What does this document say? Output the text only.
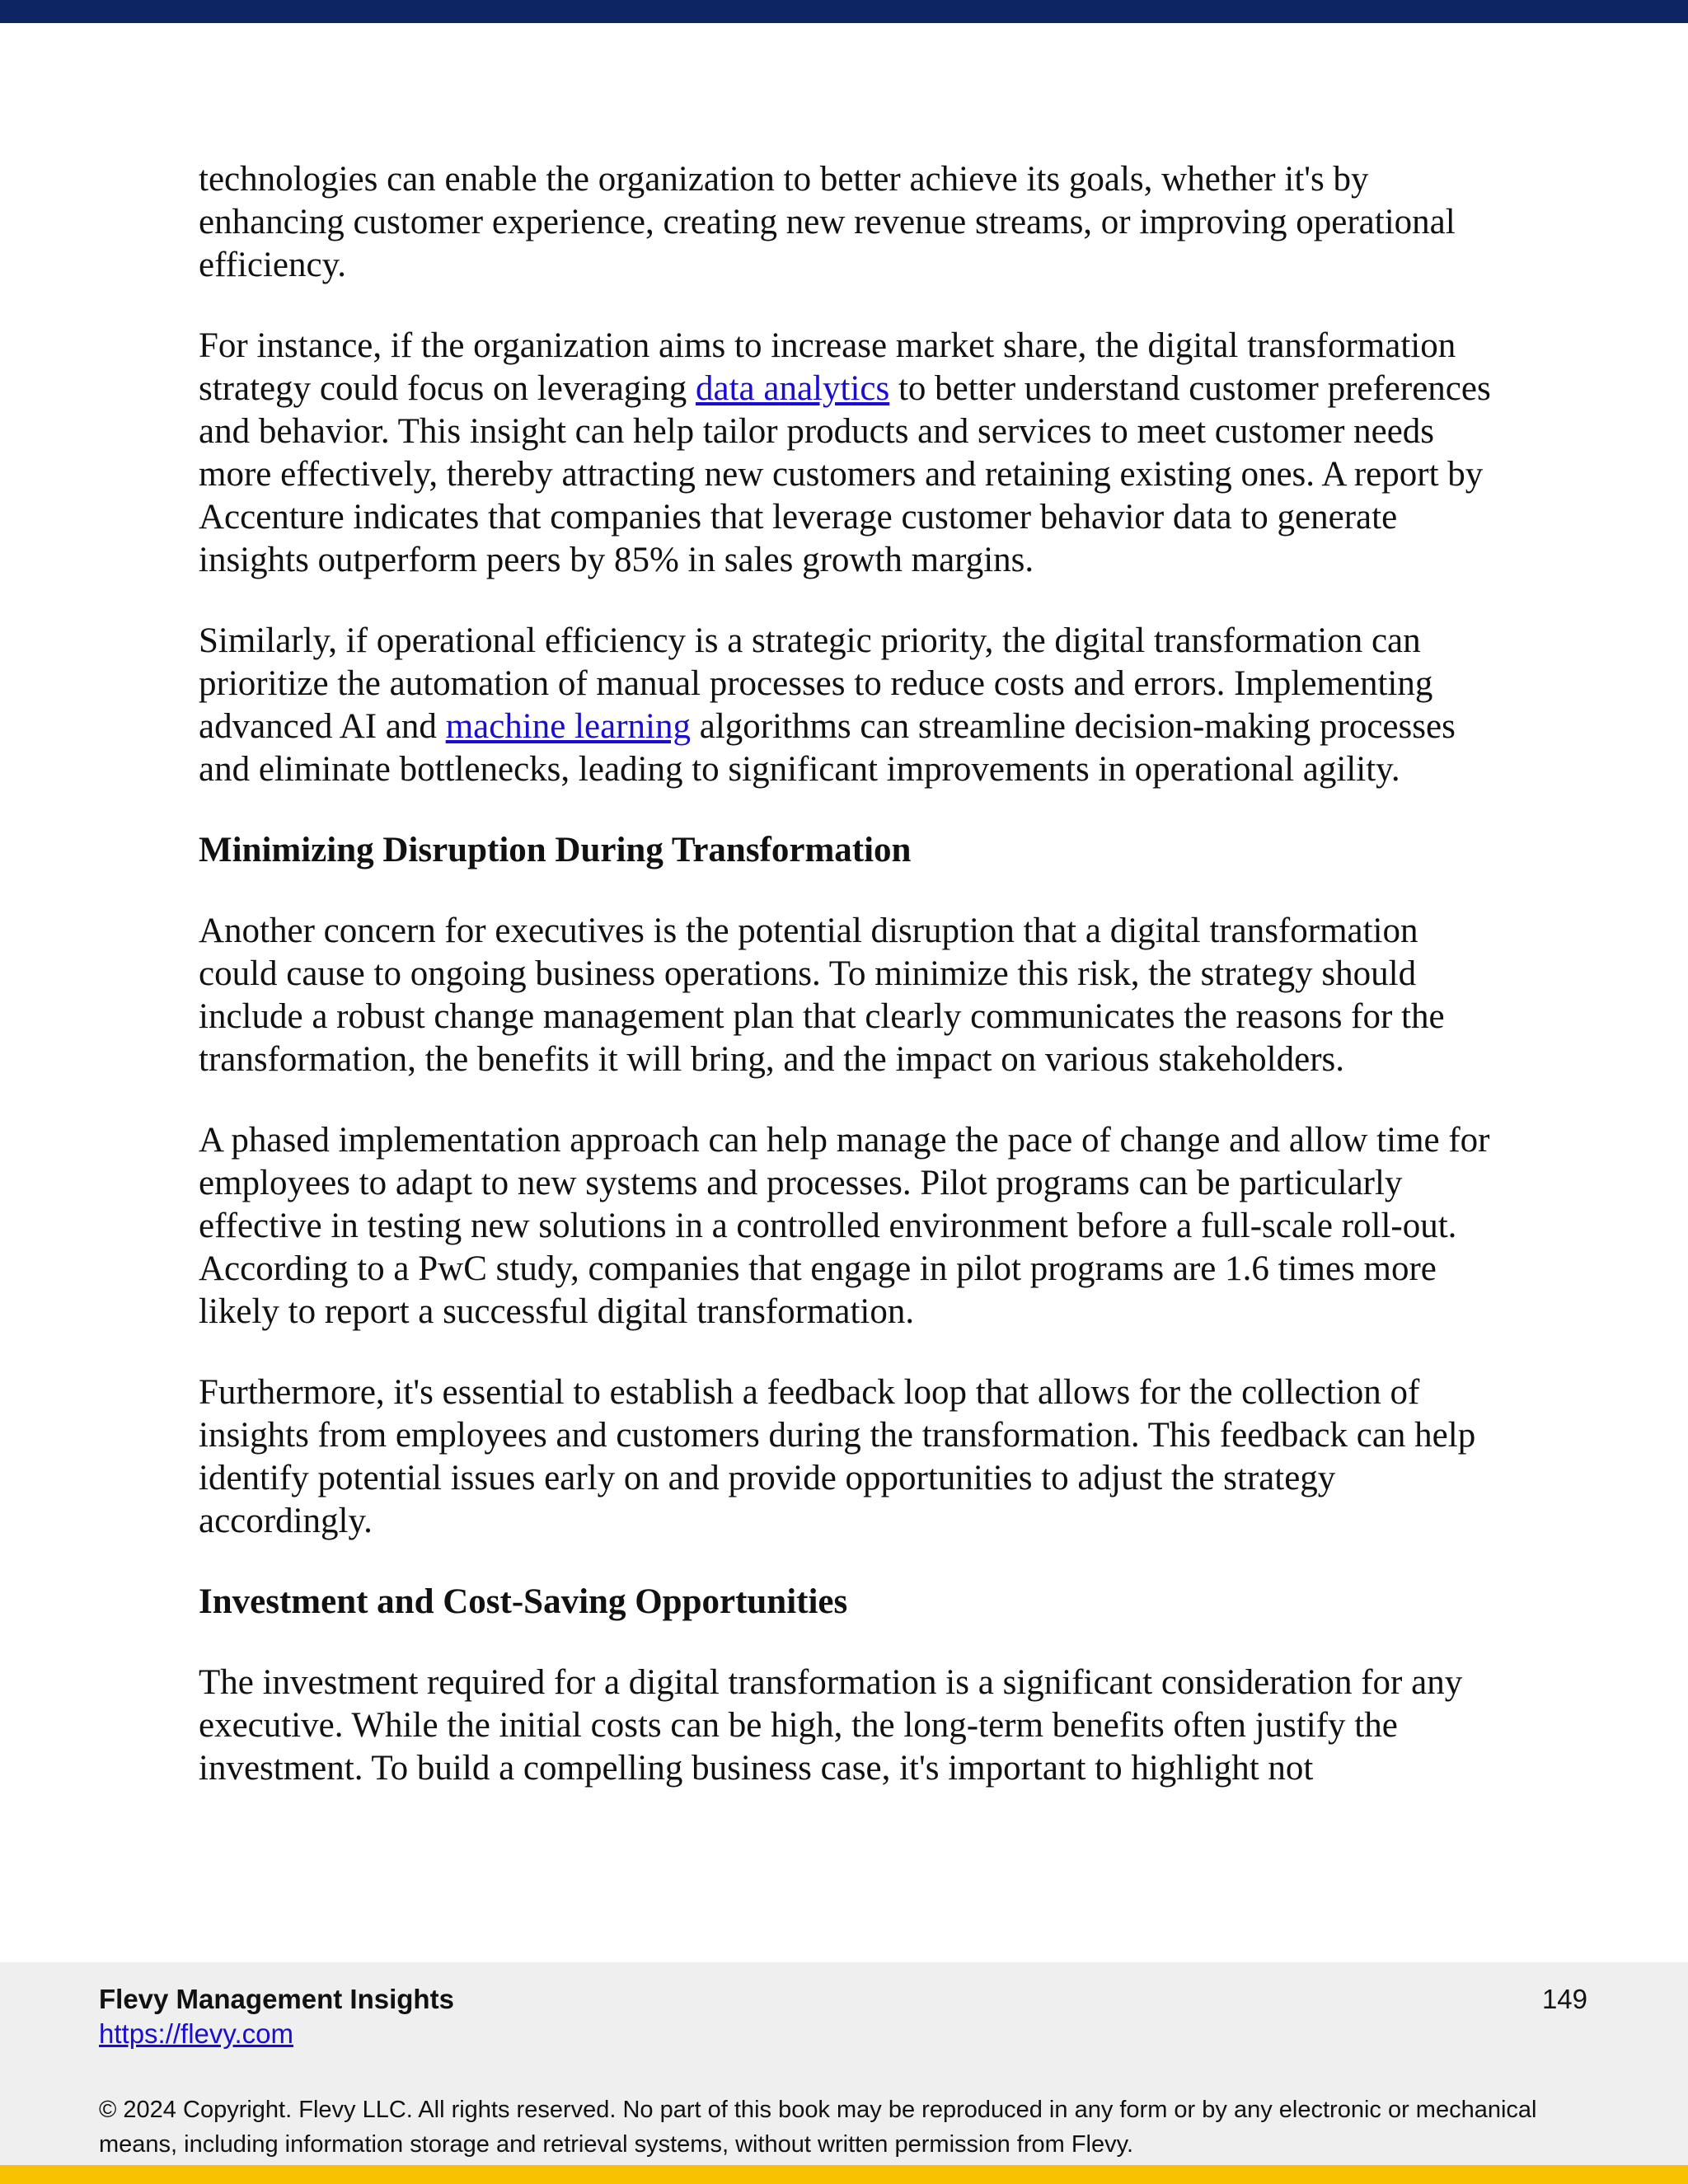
technologies can enable the organization to better achieve its goals, whether it's by enhancing customer experience, creating new revenue streams, or improving operational efficiency.

For instance, if the organization aims to increase market share, the digital transformation strategy could focus on leveraging data analytics to better understand customer preferences and behavior. This insight can help tailor products and services to meet customer needs more effectively, thereby attracting new customers and retaining existing ones. A report by Accenture indicates that companies that leverage customer behavior data to generate insights outperform peers by 85% in sales growth margins.

Similarly, if operational efficiency is a strategic priority, the digital transformation can prioritize the automation of manual processes to reduce costs and errors. Implementing advanced AI and machine learning algorithms can streamline decision-making processes and eliminate bottlenecks, leading to significant improvements in operational agility.

Minimizing Disruption During Transformation

Another concern for executives is the potential disruption that a digital transformation could cause to ongoing business operations. To minimize this risk, the strategy should include a robust change management plan that clearly communicates the reasons for the transformation, the benefits it will bring, and the impact on various stakeholders.

A phased implementation approach can help manage the pace of change and allow time for employees to adapt to new systems and processes. Pilot programs can be particularly effective in testing new solutions in a controlled environment before a full-scale roll-out. According to a PwC study, companies that engage in pilot programs are 1.6 times more likely to report a successful digital transformation.

Furthermore, it's essential to establish a feedback loop that allows for the collection of insights from employees and customers during the transformation. This feedback can help identify potential issues early on and provide opportunities to adjust the strategy accordingly.

Investment and Cost-Saving Opportunities

The investment required for a digital transformation is a significant consideration for any executive. While the initial costs can be high, the long-term benefits often justify the investment. To build a compelling business case, it's important to highlight not

Flevy Management Insights
https://flevy.com
149
© 2024 Copyright. Flevy LLC. All rights reserved. No part of this book may be reproduced in any form or by any electronic or mechanical means, including information storage and retrieval systems, without written permission from Flevy.
